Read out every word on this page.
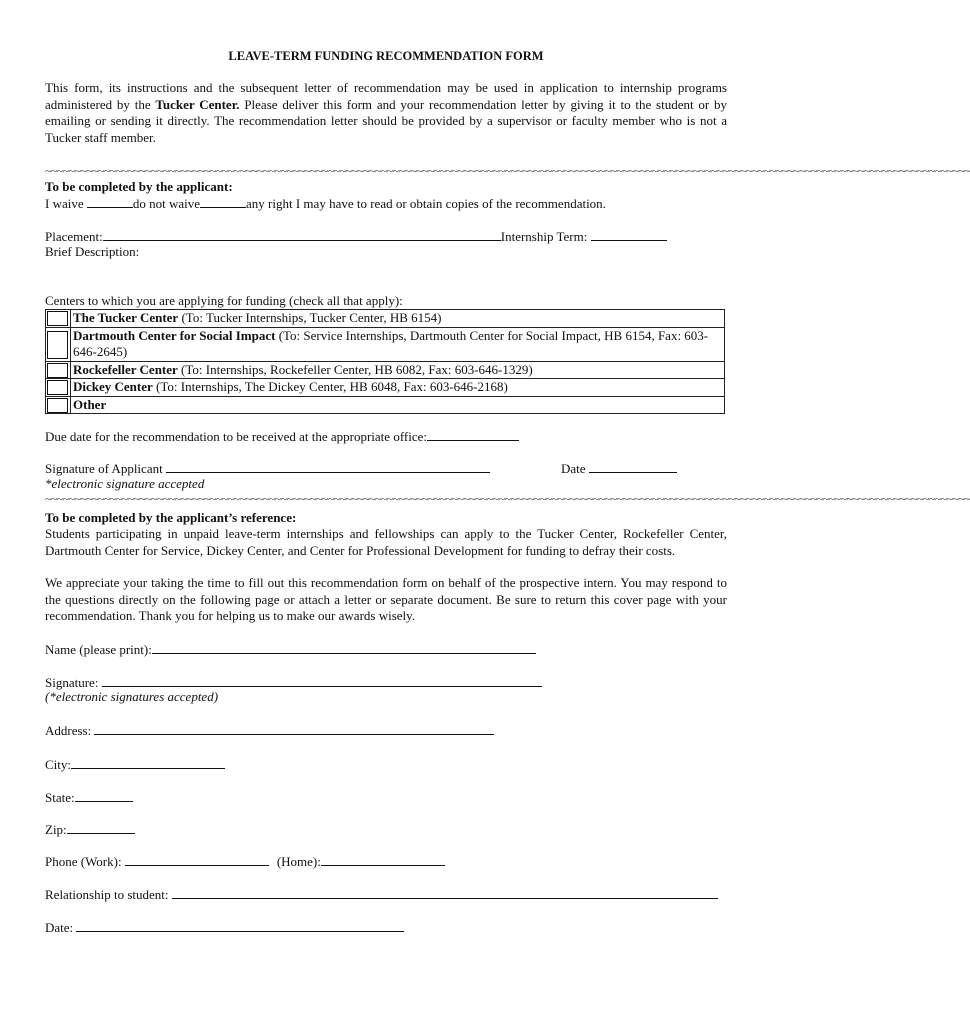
LEAVE-TERM FUNDING RECOMMENDATION FORM
This form, its instructions and the subsequent letter of recommendation may be used in application to internship programs administered by the Tucker Center. Please deliver this form and your recommendation letter by giving it to the student or by emailing or sending it directly. The recommendation letter should be provided by a supervisor or faculty member who is not a Tucker staff member.
~~~~~~~~~~~~~~~~~~~~~~~~~~~~~~~~~~~~~~~~~~~~~~~~~~~~~~~~~~~~~~~~~~~~~~~~~~~~~~~~~~~~~~~~~~~~~~~~~~~~~~~~~~~~~~~~~~~~~~~~~~~~~~~~~~~~~~~~~~~~~~~~~~~~~~~~~~~~~
To be completed by the applicant:
I waive	do not waive	any right I may have to read or obtain copies of the recommendation.
Placement:	Internship Term:
Brief Description:
Centers to which you are applying for funding (check all that apply):
	The Tucker Center (To: Tucker Internships, Tucker Center, HB 6154)

	Dartmouth Center for Social Impact (To: Service Internships, Dartmouth Center for Social Impact, HB 6154, Fax: 603-646-2645)

	Rockefeller Center (To: Internships, Rockefeller Center, HB 6082, Fax: 603-646-1329)

	Dickey Center (To: Internships, The Dickey Center, HB 6048, Fax: 603-646-2168)

	Other
Due date for the recommendation to be received at the appropriate office:
Signature of Applicant	Date
*electronic signature accepted
~~~~~~~~~~~~~~~~~~~~~~~~~~~~~~~~~~~~~~~~~~~~~~~~~~~~~~~~~~~~~~~~~~~~~~~~~~~~~~~~~~~~~~~~~~~~~~~~~~~~~~~~~~~~~~~~~~~~~~~~~~~~~~~~~~~~~~~~~~~~~~~~~~~~~~~~~~~~~
To be completed by the applicant’s reference:
Students participating in unpaid leave-term internships and fellowships can apply to the Tucker Center, Rockefeller Center, Dartmouth Center for Service, Dickey Center, and Center for Professional Development for funding to defray their costs.
We appreciate your taking the time to fill out this recommendation form on behalf of the prospective intern. You may respond to the questions directly on the following page or attach a letter or separate document. Be sure to return this cover page with your recommendation. Thank you for helping us to make our awards wisely.
Name (please print):
Signature:
(*electronic signatures accepted)
Address:
City:
State:
Zip:
Phone (Work):	(Home):
Relationship to student:
Date:
